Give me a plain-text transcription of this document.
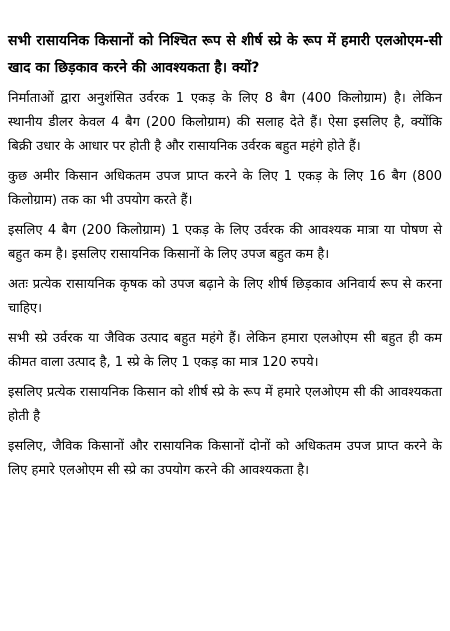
सभी रासायनिक किसानों को निश्चित रूप से शीर्ष स्प्रे के रूप में हमारी एलओएम-सी खाद का छिड़काव करने की आवश्यकता है। क्यों?

निर्माताओं द्वारा अनुशंसित उर्वरक 1 एकड़ के लिए 8 बैग (400 किलोग्राम) है। लेकिन स्थानीय डीलर केवल 4 बैग (200 किलोग्राम) की सलाह देते हैं। ऐसा इसलिए है, क्योंकि बिक्री उधार के आधार पर होती है और रासायनिक उर्वरक बहुत महंगे होते हैं।

कुछ अमीर किसान अधिकतम उपज प्राप्त करने के लिए 1 एकड़ के लिए 16 बैग (800 किलोग्राम) तक का भी उपयोग करते हैं।

इसलिए 4 बैग (200 किलोग्राम) 1 एकड़ के लिए उर्वरक की आवश्यक मात्रा या पोषण से बहुत कम है। इसलिए रासायनिक किसानों के लिए उपज बहुत कम है।

अतः प्रत्येक रासायनिक कृषक को उपज बढ़ाने के लिए शीर्ष छिड़काव अनिवार्य रूप से करना चाहिए।

सभी स्प्रे उर्वरक या जैविक उत्पाद बहुत महंगे हैं। लेकिन हमारा एलओएम सी बहुत ही कम कीमत वाला उत्पाद है, 1 स्प्रे के लिए 1 एकड़ का मात्र 120 रुपये।

इसलिए प्रत्येक रासायनिक किसान को शीर्ष स्प्रे के रूप में हमारे एलओएम सी की आवश्यकता होती है

इसलिए, जैविक किसानों और रासायनिक किसानों दोनों को अधिकतम उपज प्राप्त करने के लिए हमारे एलओएम सी स्प्रे का उपयोग करने की आवश्यकता है।
